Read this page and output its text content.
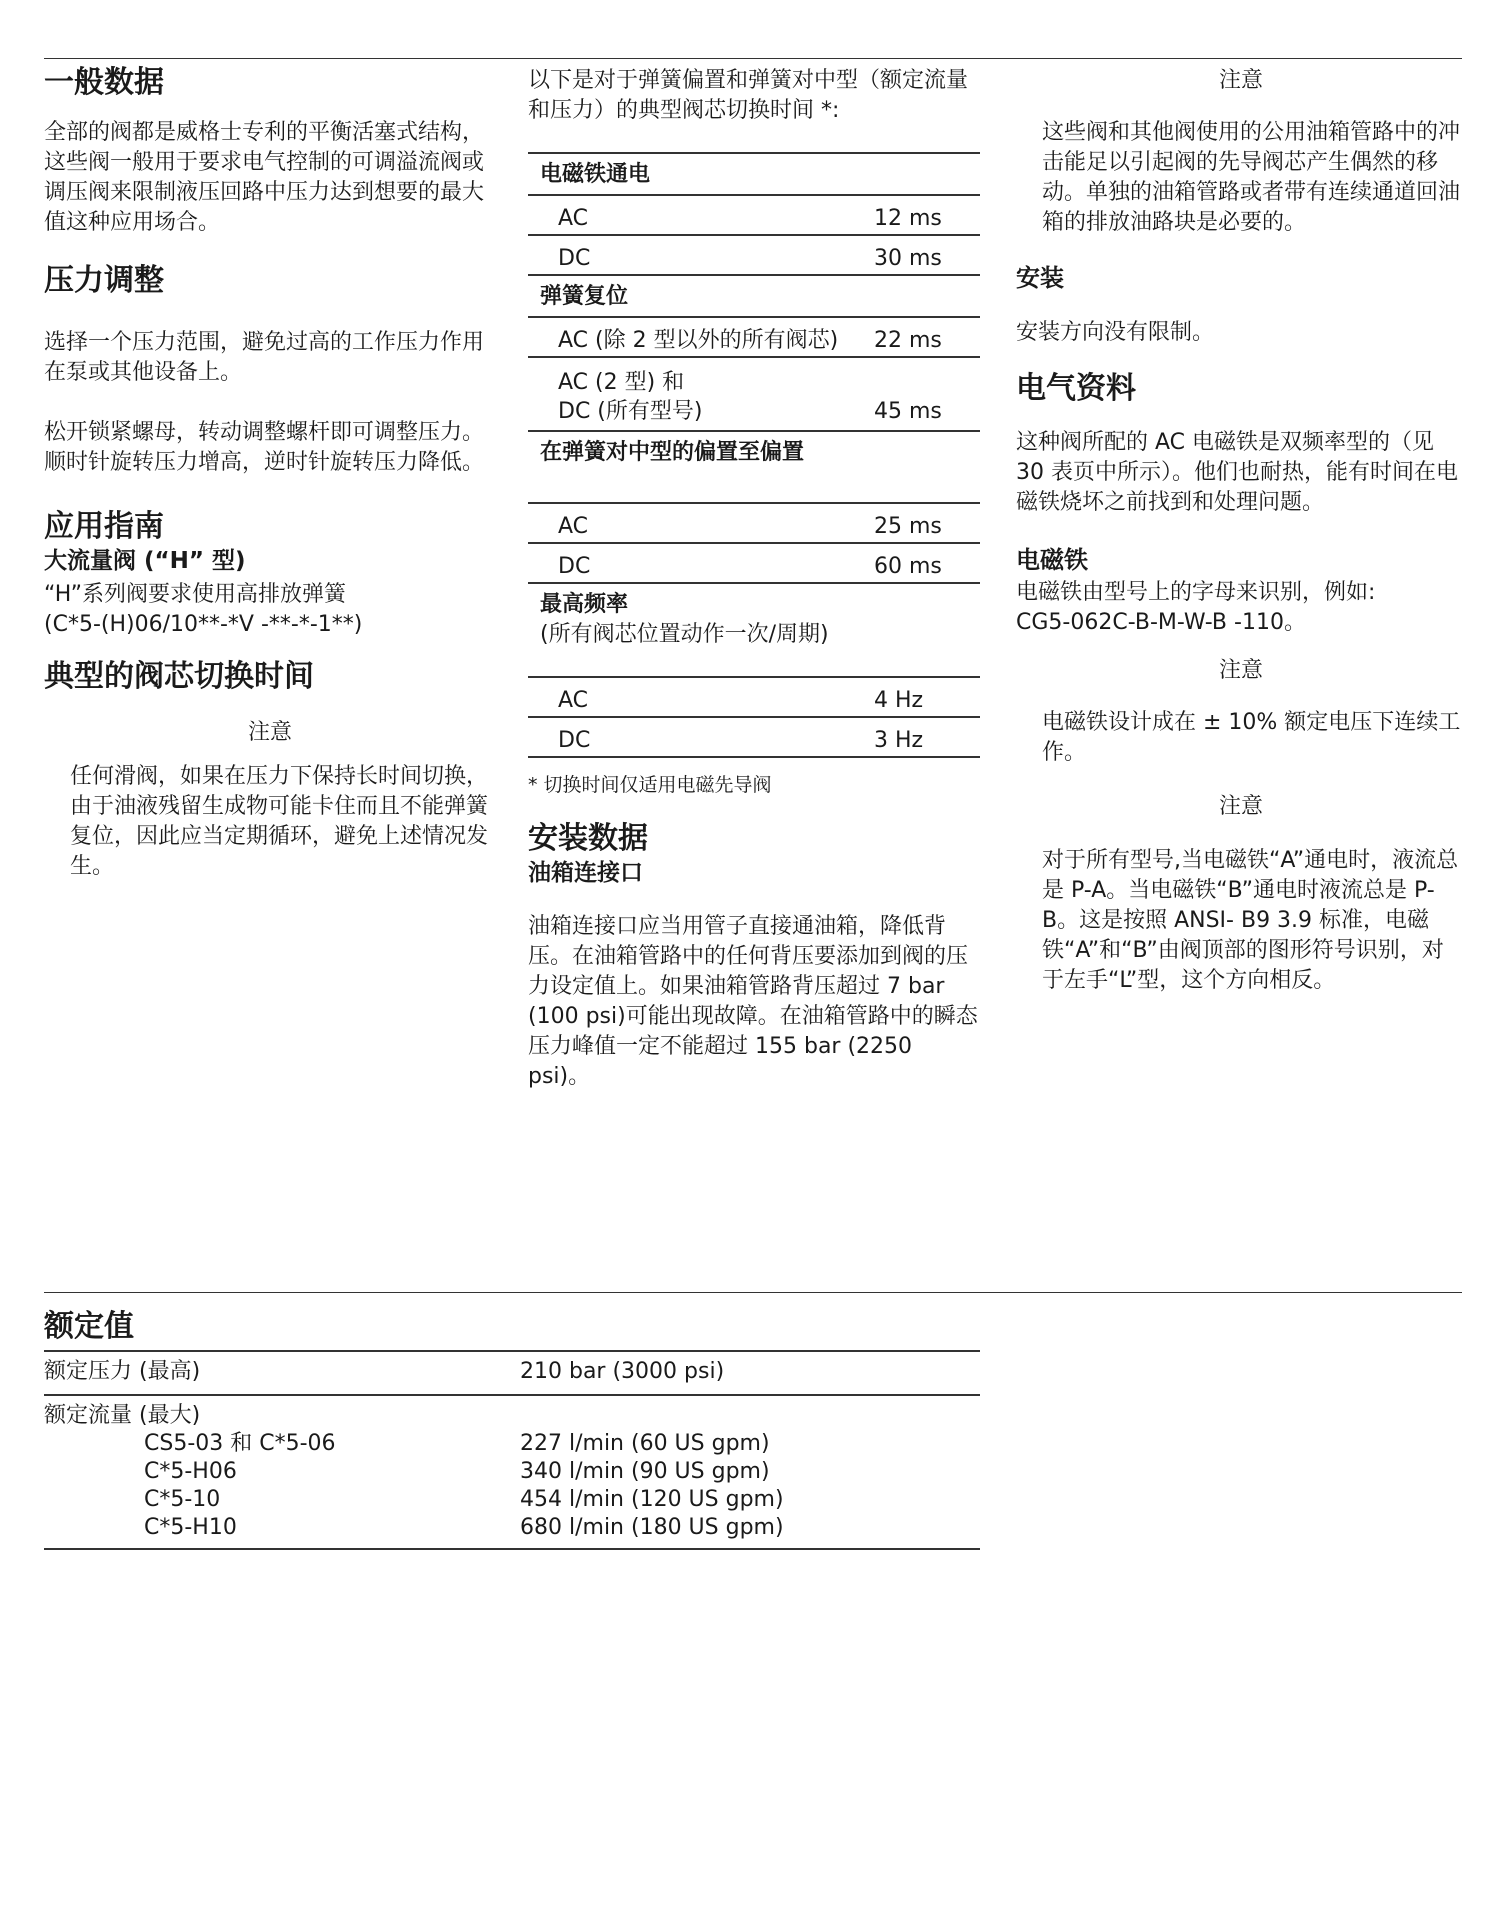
一般数据

全部的阀都是威格士专利的平衡活塞式结构，这些阀一般用于要求电气控制的可调溢流阀或调压阀来限制液压回路中压力达到想要的最大值这种应用场合。

压力调整

选择一个压力范围，避免过高的工作压力作用在泵或其他设备上。

松开锁紧螺母，转动调整螺杆即可调整压力。顺时针旋转压力增高，逆时针旋转压力降低。

应用指南
大流量阀 (“H” 型)

“H”系列阀要求使用高排放弹簧

(C*5-(H)06/10**-*V -**-*-1**)

典型的阀芯切换时间
注意

任何滑阀，如果在压力下保持长时间切换，由于油液残留生成物可能卡住而且不能弹簧复位，因此应当定期循环，避免上述情况发生。

以下是对于弹簧偏置和弹簧对中型（额定流量和压力）的典型阀芯切换时间 *:

电磁铁通电	
AC	12 ms
DC	30 ms
弹簧复位	
AC (除 2 型以外的所有阀芯)	22 ms

AC (2 型) 和
DC (所有型号)	45 ms
在弹簧对中型的偏置至偏置	
AC	25 ms
DC	60 ms

最高频率
(所有阀芯位置动作一次/周期)	

AC	4 Hz
DC	3 Hz

* 切换时间仅适用电磁先导阀

安装数据
油箱连接口

油箱连接口应当用管子直接通油箱，降低背压。在油箱管路中的任何背压要添加到阀的压力设定值上。如果油箱管路背压超过 7 bar (100 psi)可能出现故障。在油箱管路中的瞬态压力峰值一定不能超过 155 bar (2250 psi)。

注意

这些阀和其他阀使用的公用油箱管路中的冲击能足以引起阀的先导阀芯产生偶然的移动。单独的油箱管路或者带有连续通道回油箱的排放油路块是必要的。

安装

安装方向没有限制。

电气资料

这种阀所配的 AC 电磁铁是双频率型的（见 30 表页中所示）。他们也耐热，能有时间在电磁铁烧坏之前找到和处理问题。

电磁铁

电磁铁由型号上的字母来识别，例如:

CG5-062C-B-M-W-B -110。

注意

电磁铁设计成在 ± 10% 额定电压下连续工作。

注意

对于所有型号,当电磁铁“A”通电时，液流总是 P-A。当电磁铁“B”通电时液流总是 P-B。这是按照 ANSI- B9 3.9 标准，电磁铁“A”和“B”由阀顶部的图形符号识别，对于左手“L”型，这个方向相反。

额定值
额定压力 (最高)	210 bar (3000 psi)
额定流量 (最大)
CS5-03 和 C*5-06	227 l/min (60 US gpm)
C*5-H06	340 l/min (90 US gpm)
C*5-10	454 l/min (120 US gpm)
C*5-H10	680 l/min (180 US gpm)
